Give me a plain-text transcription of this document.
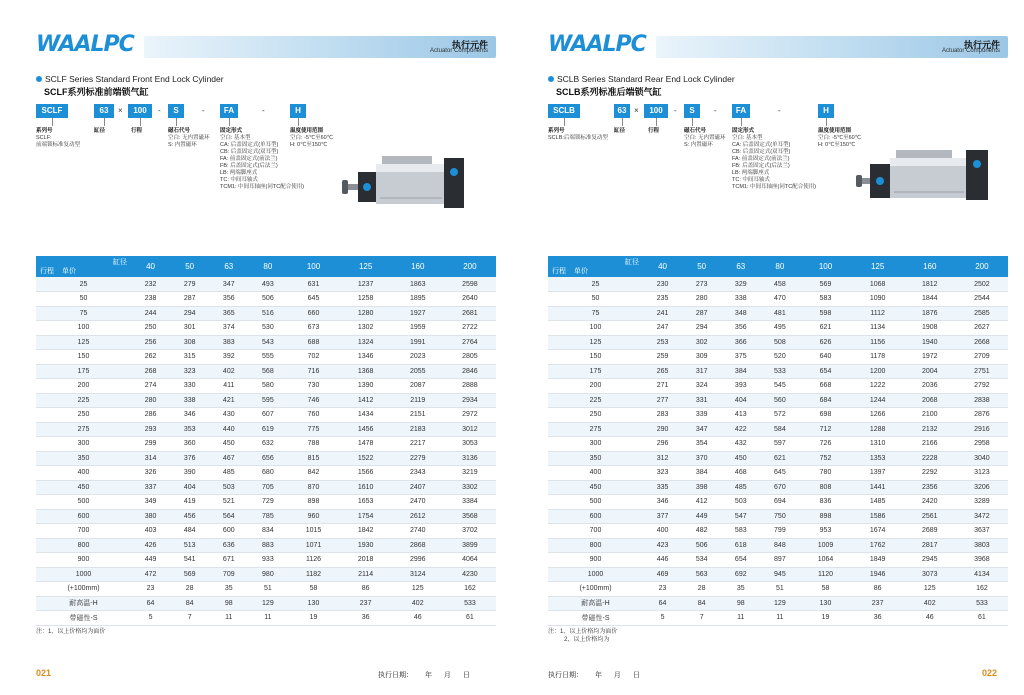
WAALPC	执行元件
Actuator Components
SCLF Series Standard Front End Lock Cylinder
SCLF系列标准前端锁气缸
SCLF	63	×	100	-	S	-	FA	-	H
系列号
SCLF:
前端锁标准复动型
缸径	行程	磁石代号
空白: 无内置磁环
S: 内置磁环
固定形式
空白: 基本型
CA: 后盖固定式(单耳型)
CB: 后盖固定式(双耳型)
FA: 前盖固定式(前法兰)
FB: 后盖固定式(后法兰)
LB: 两端脚座式
TC: 中间耳轴式
TCM1: 中间耳轴座(同TC配合使用)
温度使用范围
空白: -5℃至60℃
H: 0℃至150℃
缸径
行程 单价	40	50	63	80	100	125	160	200
25	232	279	347	493	631	1237	1863	2598
50	238	287	356	506	645	1258	1895	2640
75	244	294	365	516	660	1280	1927	2681
100	250	301	374	530	673	1302	1959	2722
125	256	308	383	543	688	1324	1991	2764
150	262	315	392	555	702	1346	2023	2805
175	268	323	402	568	716	1368	2055	2846
200	274	330	411	580	730	1390	2087	2888
225	280	338	421	595	746	1412	2119	2934
250	286	346	430	607	760	1434	2151	2972
275	293	353	440	619	775	1456	2183	3012
300	299	360	450	632	788	1478	2217	3053
350	314	376	467	656	815	1522	2279	3136
400	326	390	485	680	842	1566	2343	3219
450	337	404	503	705	870	1610	2407	3302
500	349	419	521	729	898	1653	2470	3384
600	380	456	564	785	960	1754	2612	3568
700	403	484	600	834	1015	1842	2740	3702
800	426	513	636	883	1071	1930	2868	3899
900	449	541	671	933	1126	2018	2996	4064
1000	472	569	709	980	1182	2114	3124	4230
(+100mm)	23	28	35	51	58	86	125	162
耐高温-H	64	84	98	129	130	237	402	533
带磁性-S	5	7	11	11	19	36	46	61
注：1、以上价格均为面价
021	执行日期： 年 月 日
WAALPC	执行元件
Actuator Components
SCLB Series Standard Rear End Lock Cylinder
SCLB系列标准后端锁气缸
SCLB	63 ×	100	-	S	-	FA	-	H
系列号
SCLB:后端锁标准复动型
缸径	行程	磁石代号
空白: 无内置磁环
S: 内置磁环
固定形式
空白: 基本型
CA: 后盖固定式(单耳型)
CB: 后盖固定式(双耳型)
FA: 前盖固定式(前法兰)
FB: 后盖固定式(后法兰)
LB: 两端脚座式
TC: 中间耳轴式
TCM1: 中间耳轴座(同TC配合使用)
温度使用范围
空白: -5℃至60℃
H: 0℃至150℃
缸径
行程 单价	40	50	63	80	100	125	160	200
25	230	273	329	458	569	1068	1812	2502
50	235	280	338	470	583	1090	1844	2544
75	241	287	348	481	598	1112	1876	2585
100	247	294	356	495	621	1134	1908	2627
125	253	302	366	508	626	1156	1940	2668
150	259	309	375	520	640	1178	1972	2709
175	265	317	384	533	654	1200	2004	2751
200	271	324	393	545	668	1222	2036	2792
225	277	331	404	560	684	1244	2068	2838
250	283	339	413	572	698	1266	2100	2876
275	290	347	422	584	712	1288	2132	2916
300	296	354	432	597	726	1310	2166	2958
350	312	370	450	621	752	1353	2228	3040
400	323	384	468	645	780	1397	2292	3123
450	335	398	485	670	808	1441	2356	3206
500	346	412	503	694	836	1485	2420	3289
600	377	449	547	750	898	1586	2561	3472
700	400	482	583	799	953	1674	2689	3637
800	423	506	618	848	1009	1762	2817	3803
900	446	534	654	897	1064	1849	2945	3968
1000	469	563	692	945	1120	1946	3073	4134
(+100mm)	23	28	35	51	58	86	125	162
耐高温-H	64	84	98	129	130	237	402	533
带磁性-S	5	7	11	11	19	36	46	61
注：1、以上价格均为面价
2、以上价格均为
执行日期： 年 月 日	022
